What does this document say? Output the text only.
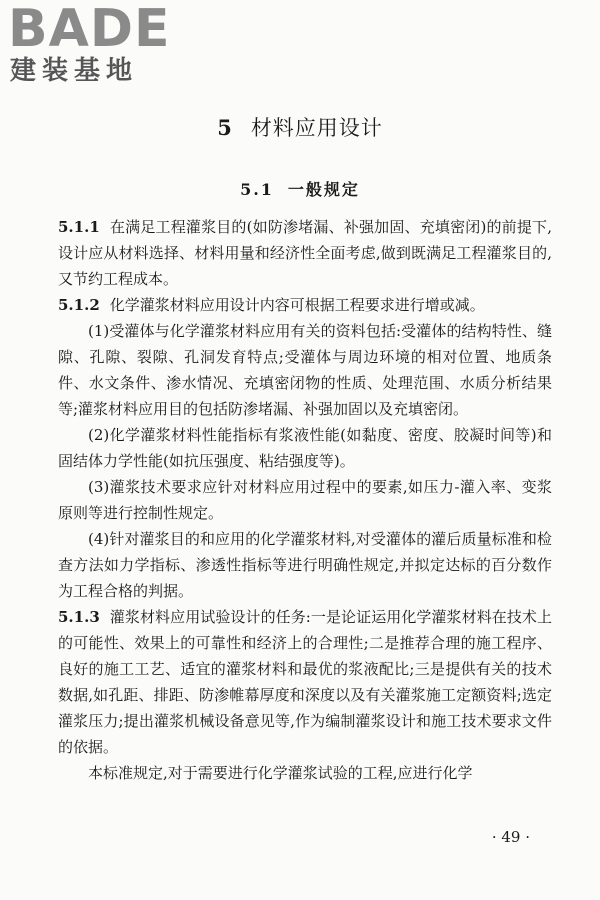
BADE
建装基地
5 材料应用设计
5.1 一般规定

5.1.1 在满足工程灌浆目的(如防渗堵漏、补强加固、充填密闭)的前提下,设计应从材料选择、材料用量和经济性全面考虑,做到既满足工程灌浆目的,又节约工程成本。

5.1.2 化学灌浆材料应用设计内容可根据工程要求进行增或减。

(1)受灌体与化学灌浆材料应用有关的资料包括:受灌体的结构特性、缝隙、孔隙、裂隙、孔洞发育特点;受灌体与周边环境的相对位置、地质条件、水文条件、渗水情况、充填密闭物的性质、处理范围、水质分析结果等;灌浆材料应用目的包括防渗堵漏、补强加固以及充填密闭。

(2)化学灌浆材料性能指标有浆液性能(如黏度、密度、胶凝时间等)和固结体力学性能(如抗压强度、粘结强度等)。

(3)灌浆技术要求应针对材料应用过程中的要素,如压力-灌入率、变浆原则等进行控制性规定。

(4)针对灌浆目的和应用的化学灌浆材料,对受灌体的灌后质量标准和检查方法如力学指标、渗透性指标等进行明确性规定,并拟定达标的百分数作为工程合格的判据。

5.1.3 灌浆材料应用试验设计的任务:一是论证运用化学灌浆材料在技术上的可能性、效果上的可靠性和经济上的合理性;二是推荐合理的施工程序、良好的施工工艺、适宜的灌浆材料和最优的浆液配比;三是提供有关的技术数据,如孔距、排距、防渗帷幕厚度和深度以及有关灌浆施工定额资料;选定灌浆压力;提出灌浆机械设备意见等,作为编制灌浆设计和施工技术要求文件的依据。

本标准规定,对于需要进行化学灌浆试验的工程,应进行化学

· 49 ·
